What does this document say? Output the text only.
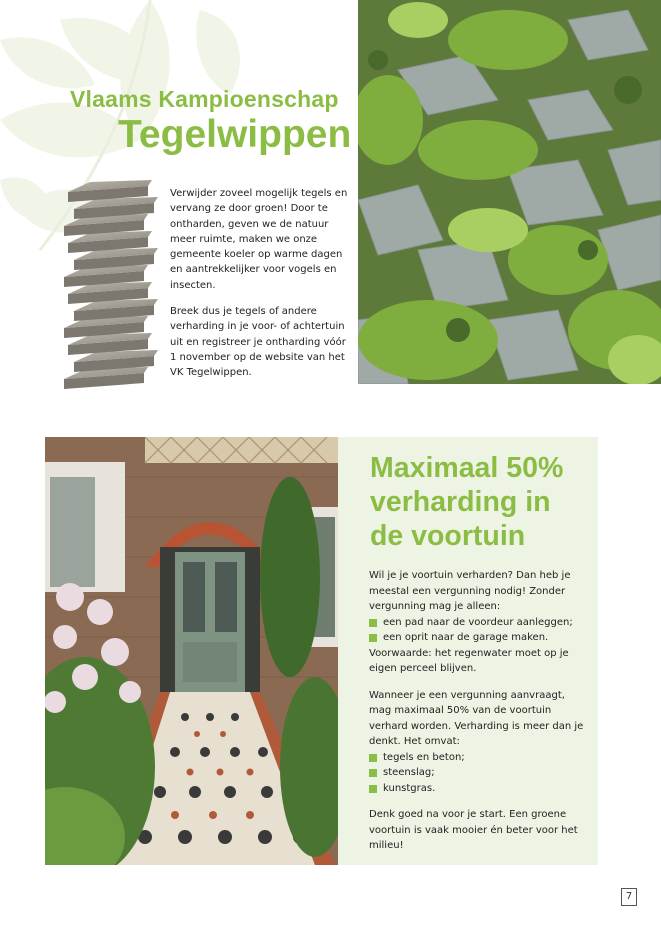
Vlaams Kampioenschap
Tegelwippen

Verwijder zoveel mogelijk tegels en vervang ze door groen! Door te ontharden, geven we de natuur meer ruimte, maken we onze gemeente koeler op warme dagen en aantrekkelijker voor vogels en insecten.

Breek dus je tegels of andere verharding in je voor- of achtertuin uit en registreer je ontharding vóór 1 november op de website van het VK Tegelwippen.

Maximaal 50% verharding in de voortuin

Wil je je voortuin verharden? Dan heb je meestal een vergunning nodig! Zonder vergunning mag je alleen:

een pad naar de voordeur aanleggen;
een oprit naar de garage maken.

Voorwaarde: het regenwater moet op je eigen perceel blijven.

Wanneer je een vergunning aanvraagt, mag maximaal 50% van de voortuin verhard worden. Verharding is meer dan je denkt. Het omvat:

tegels en beton;
steenslag;
kunstgras.

Denk goed na voor je start. Een groene voortuin is vaak mooier én beter voor het milieu!

7
